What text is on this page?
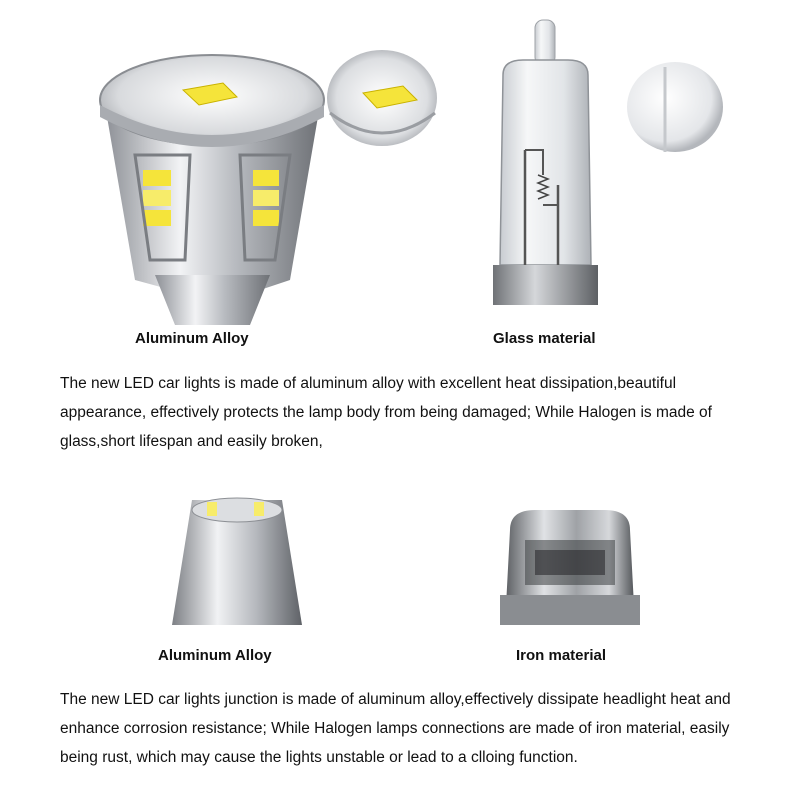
Aluminum Alloy	Glass material

The new LED car lights is made of aluminum alloy with excellent heat dissipation,beautiful appearance, effectively protects the lamp body from being damaged; While Halogen is made of glass,short lifespan and easily broken,

Aluminum Alloy	Iron material

The new LED car lights junction is made of aluminum alloy,effectively dissipate headlight heat and enhance corrosion resistance; While Halogen lamps connections are made of iron material, easily being rust, which may cause the lights unstable or lead to a clloing function.
